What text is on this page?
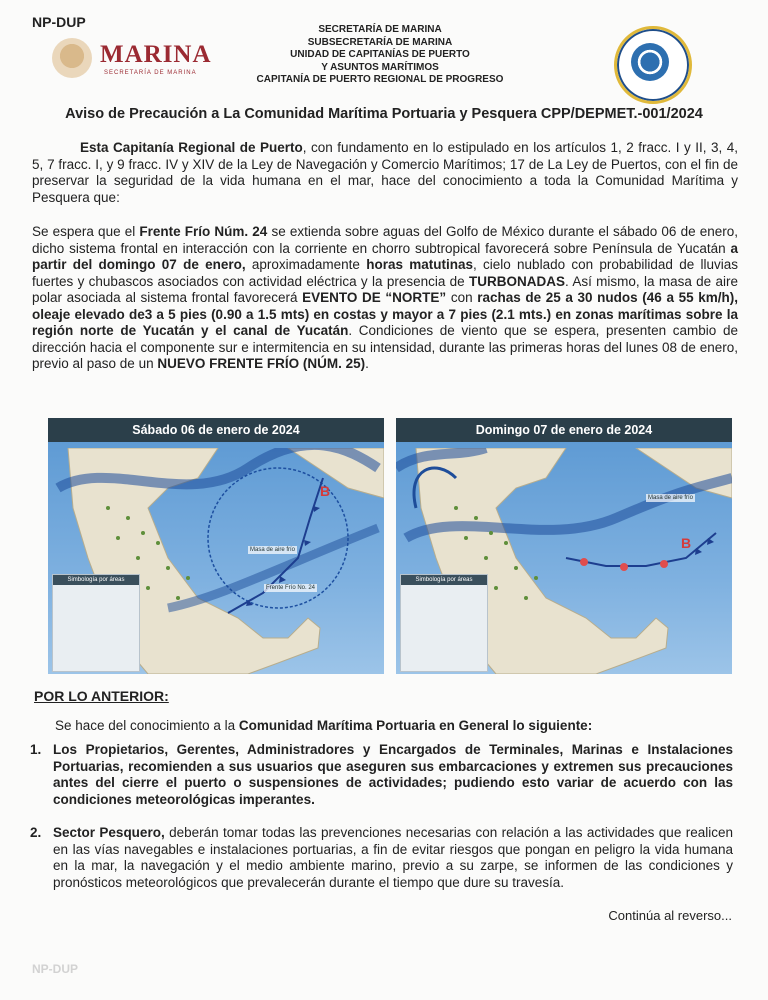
NP-DUP
MARINA
SECRETARÍA DE MARINA
SECRETARÍA DE MARINA
SUBSECRETARÍA DE MARINA
UNIDAD DE CAPITANÍAS DE PUERTO
Y ASUNTOS MARÍTIMOS
CAPITANÍA DE PUERTO REGIONAL DE PROGRESO
Aviso de Precaución a La Comunidad Marítima Portuaria y Pesquera CPP/DEPMET.-001/2024
Esta Capitanía Regional de Puerto, con fundamento en lo estipulado en los artículos 1, 2 fracc. I y II, 3, 4, 5, 7 fracc. I, y 9 fracc. IV y XIV de la Ley de Navegación y Comercio Marítimos; 17 de La Ley de Puertos, con el fin de preservar la seguridad de la vida humana en el mar, hace del conocimiento a toda la Comunidad Marítima y Pesquera que:
Se espera que el Frente Frío Núm. 24 se extienda sobre aguas del Golfo de México durante el sábado 06 de enero, dicho sistema frontal en interacción con la corriente en chorro subtropical favorecerá sobre Península de Yucatán a partir del domingo 07 de enero, aproximadamente horas matutinas, cielo nublado con probabilidad de lluvias fuertes y chubascos asociados con actividad eléctrica y la presencia de TURBONADAS. Así mismo, la masa de aire polar asociada al sistema frontal favorecerá EVENTO DE “NORTE” con rachas de 25 a 30 nudos (46 a 55 km/h), oleaje elevado de3 a 5 pies (0.90 a 1.5 mts) en costas y mayor a 7 pies (2.1 mts.) en zonas marítimas sobre la región norte de Yucatán y el canal de Yucatán. Condiciones de viento que se espera, presenten cambio de dirección hacia el componente sur e intermitencia en su intensidad, durante las primeras horas del lunes 08 de enero, previo al paso de un NUEVO FRENTE FRÍO (NÚM. 25).
B
Sábado 06 de enero de 2024
Masa de aire frío
Frente Frío No. 24
Simbología por áreas
B
Domingo 07 de enero de 2024
Masa de aire frío
Simbología por áreas
POR LO ANTERIOR:
Se hace del conocimiento a la Comunidad Marítima Portuaria en General lo siguiente:
1. Los Propietarios, Gerentes, Administradores y Encargados de Terminales, Marinas e Instalaciones Portuarias, recomienden a sus usuarios que aseguren sus embarcaciones y extremen sus precauciones antes del cierre el puerto o suspensiones de actividades; pudiendo esto variar de acuerdo con las condiciones meteorológicas imperantes.
2. Sector Pesquero, deberán tomar todas las prevenciones necesarias con relación a las actividades que realicen en las vías navegables e instalaciones portuarias, a fin de evitar riesgos que pongan en peligro la vida humana en la mar, la navegación y el medio ambiente marino, previo a su zarpe, se informen de las condiciones y pronósticos meteorológicos que prevalecerán durante el tiempo que dure su travesía.
Continúa al reverso...
NP-DUP
